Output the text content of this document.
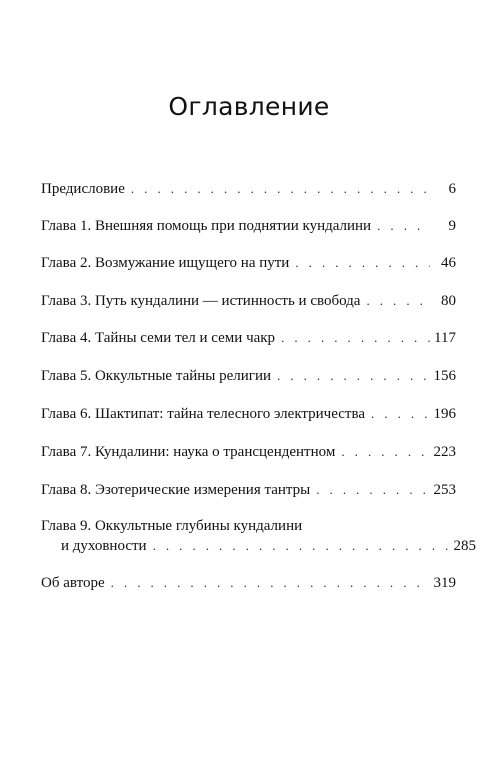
Оглавление
Предисловие . . .	6
Глава 1. Внешняя помощь при поднятии кундалини . . .	9
Глава 2. Возмужание ищущего на пути . . .	46
Глава 3. Путь кундалини — истинность и свобода . . .	80
Глава 4. Тайны семи тел и семи чакр . . .	117
Глава 5. Оккультные тайны религии . . .	156
Глава 6. Шактипат: тайна телесного электричества . . .	196
Глава 7. Кундалини: наука о трансцендентном . . .	223
Глава 8. Эзотерические измерения тантры . . .	253
Глава 9. Оккультные глубины кундалини
и духовности . . .	285
Об авторе . . .	319
